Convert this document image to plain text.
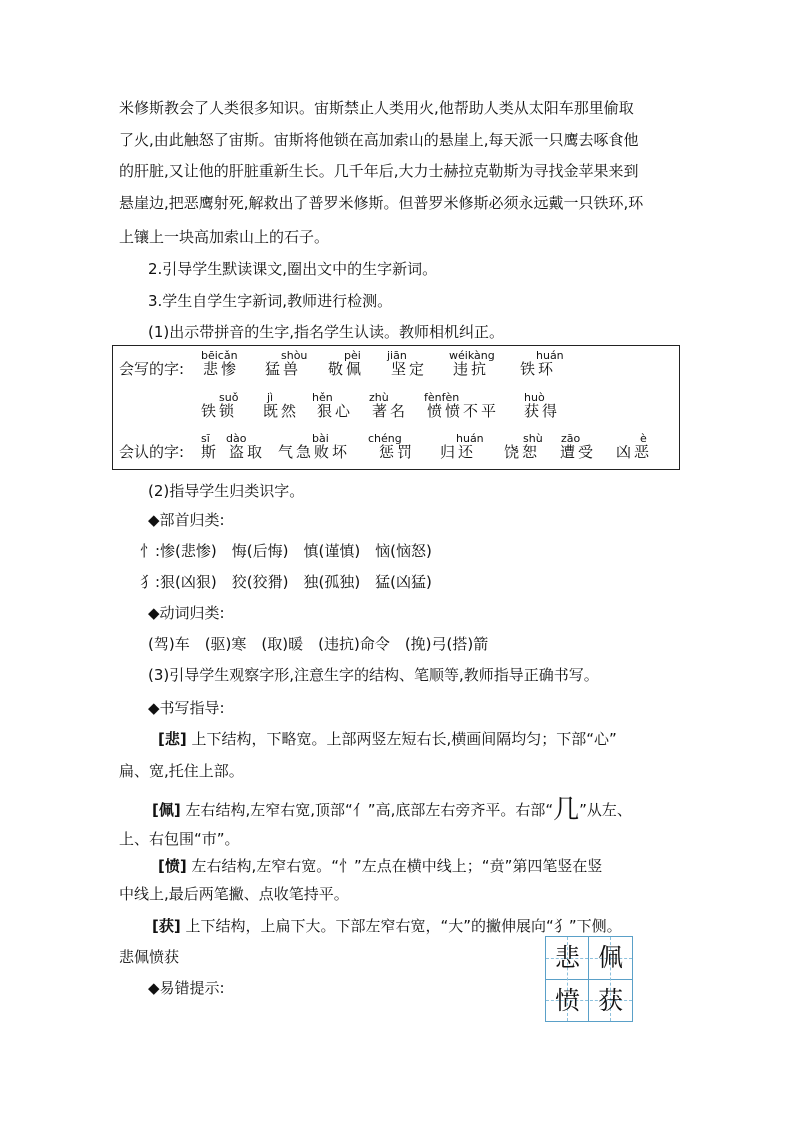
米修斯教会了人类很多知识。宙斯禁止人类用火,他帮助人类从太阳车那里偷取
了火,由此触怒了宙斯。宙斯将他锁在高加索山的悬崖上,每天派一只鹰去啄食他
的肝脏,又让他的肝脏重新生长。几千年后,大力士赫拉克勒斯为寻找金苹果来到
悬崖边,把恶鹰射死,解救出了普罗米修斯。但普罗米修斯必须永远戴一只铁环,环
上镶上一块高加索山上的石子。
2.引导学生默读课文,圈出文中的生字新词。
3.学生自学生字新词,教师进行检测。
(1)出示带拼音的生字,指名学生认读。教师相机纠正。
会写的字:
会认的字:
bēicǎn
悲惨
shòu
猛兽
pèi
敬佩
jiān
坚定
wéikàng
违抗
huán
铁环
suǒ
铁锁
jì
既然
hěn
狠心
zhù
著名
fènfèn
愤愤不平
huò
获得
sī
斯
dào
盗取
bài
气急败坏
chéng
惩罚
huán
归还
shù
饶恕
zāo
遭受
è
凶恶
(2)指导学生归类识字。
◆部首归类:
忄:惨(悲惨)　悔(后悔)　慎(谨慎)　恼(恼怒)
犭:狠(凶狠)　狡(狡猾)　独(孤独)　猛(凶猛)
◆动词归类:
(驾)车　(驱)寒　(取)暖　(违抗)命令　(挽)弓(搭)箭
(3)引导学生观察字形,注意生字的结构、笔顺等,教师指导正确书写。
◆书写指导:
[悲] 上下结构，下略宽。上部两竖左短右长,横画间隔均匀；下部“心”
扁、宽,托住上部。
[佩] 左右结构,左窄右宽,顶部“亻”高,底部左右旁齐平。右部“几”从左、
上、右包围“巿”。
[愤] 左右结构,左窄右宽。“忄”左点在横中线上；“贲”第四笔竖在竖
中线上,最后两笔撇、点收笔持平。
[获] 上下结构，上扁下大。下部左窄右宽，“大”的撇伸展向“犭”下侧。
悲佩愤获
◆易错提示:
悲 佩
愤 获
